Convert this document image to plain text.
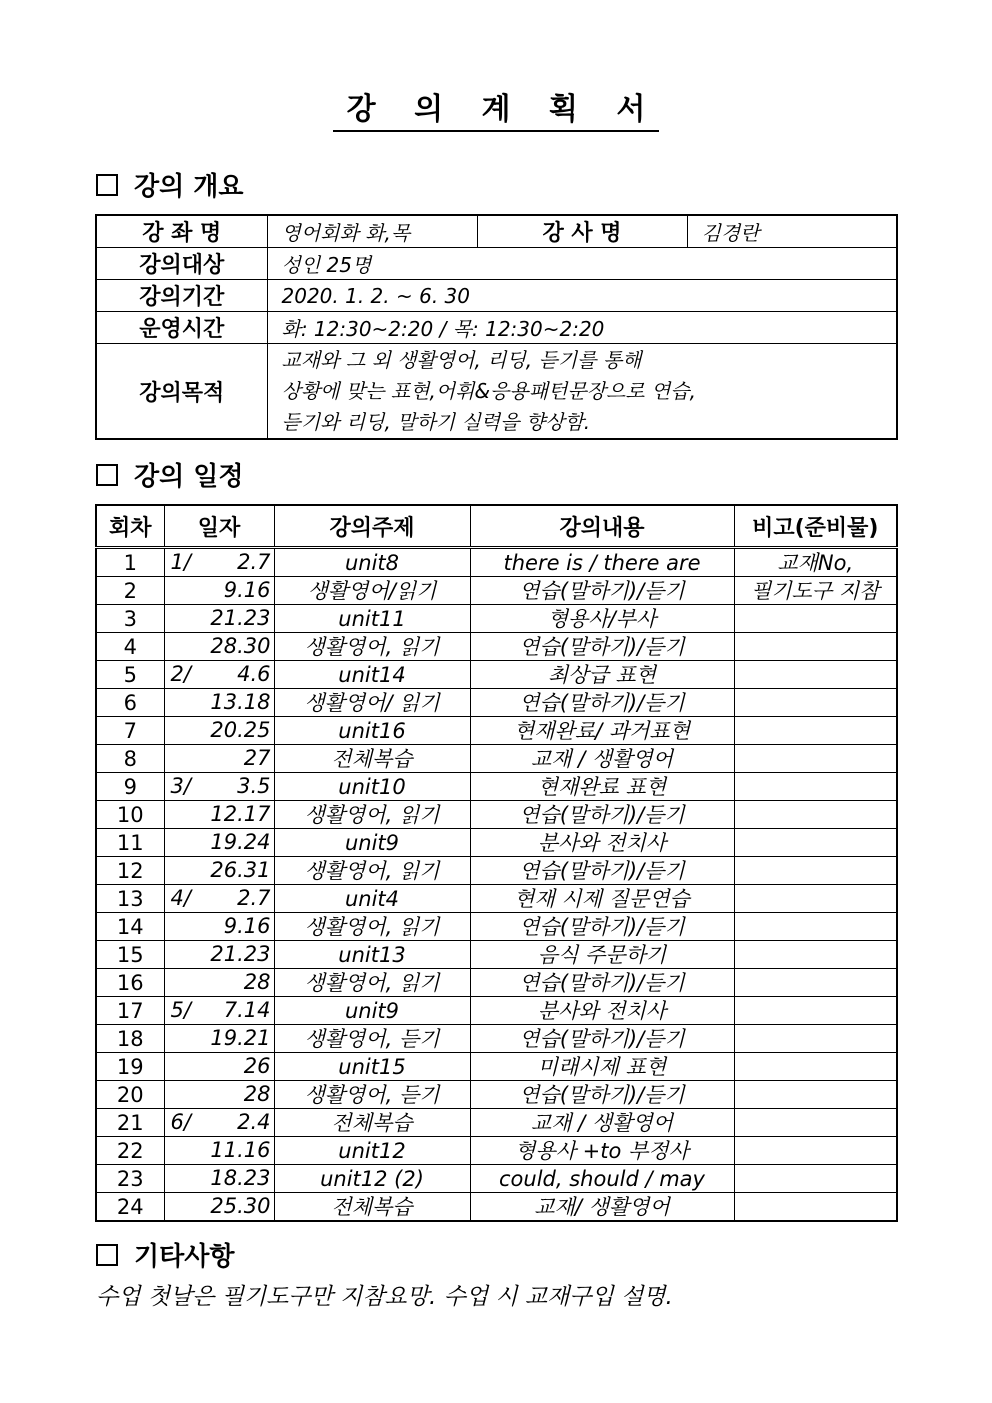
강 의 계 획 서
강의 개요
강 좌 명	영어회화 화,목	강 사 명	김경란
강의대상	성인 25명		
강의기간	2020. 1. 2. ~ 6. 30		
운영시간	화: 12:30~2:20 / 목: 12:30~2:20		
강의목적	교재와 그 외 생활영어, 리딩, 듣기를 통해
상황에 맞는 표현,어휘&응용패턴문장으로 연습,
듣기와 리딩, 말하기 실력을 향상함.		
강의 일정
회차	일자	강의주제	강의내용	비고(준비물)
1	1/ 2.7	unit8	there is / there are	교재No,
2	9.16	생활영어/읽기	연습(말하기)/듣기	필기도구 지참
3	21.23	unit11	형용사/부사	
4	28.30	생활영어, 읽기	연습(말하기)/듣기	
5	2/ 4.6	unit14	최상급 표현	
6	13.18	생활영어/ 읽기	연습(말하기)/듣기	
7	20.25	unit16	현재완료/ 과거표현	
8	27	전체복습	교재 / 생활영어	
9	3/ 3.5	unit10	현재완료 표현	
10	12.17	생활영어, 읽기	연습(말하기)/듣기	
11	19.24	unit9	분사와 전치사	
12	26.31	생활영어, 읽기	연습(말하기)/듣기	
13	4/ 2.7	unit4	현재 시제 질문연습	
14	9.16	생활영어, 읽기	연습(말하기)/듣기	
15	21.23	unit13	음식 주문하기	
16	28	생활영어, 읽기	연습(말하기)/듣기	
17	5/ 7.14	unit9	분사와 전치사	
18	19.21	생활영어, 듣기	연습(말하기)/듣기	
19	26	unit15	미래시제 표현	
20	28	생활영어, 듣기	연습(말하기)/듣기	
21	6/ 2.4	전체복습	교재 / 생활영어	
22	11.16	unit12	형용사 +to 부정사	
23	18.23	unit12 (2)	could, should / may	
24	25.30	전체복습	교재/ 생활영어	
기타사항
수업 첫날은 필기도구만 지참요망. 수업 시 교재구입 설명.
